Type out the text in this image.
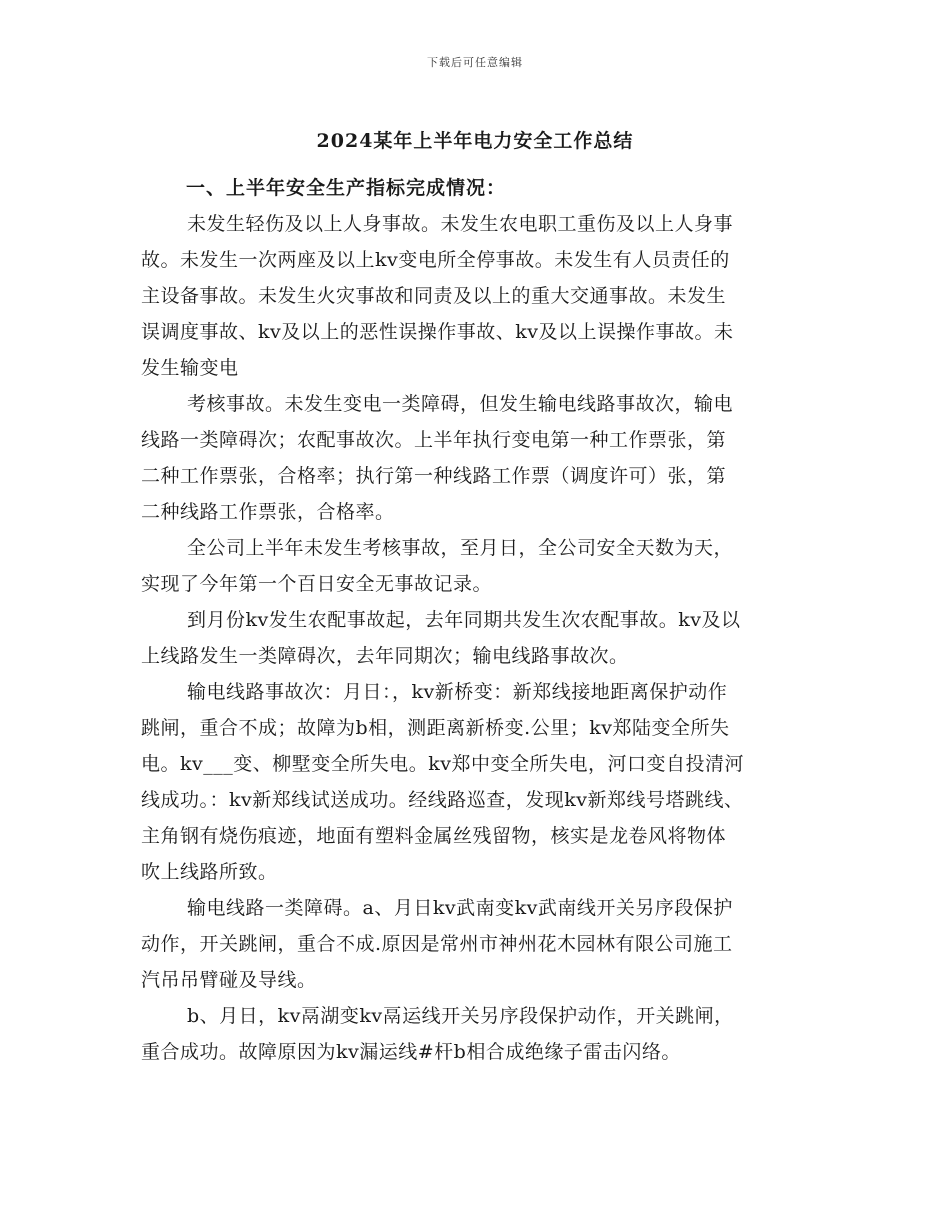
下载后可任意编辑
2024某年上半年电力安全工作总结
一、上半年安全生产指标完成情况：
未发生轻伤及以上人身事故。未发生农电职工重伤及以上人身事
故。未发生一次两座及以上kv变电所全停事故。未发生有人员责任的
主设备事故。未发生火灾事故和同责及以上的重大交通事故。未发生
误调度事故、kv及以上的恶性误操作事故、kv及以上误操作事故。未
发生输变电
考核事故。未发生变电一类障碍，但发生输电线路事故次，输电
线路一类障碍次；农配事故次。上半年执行变电第一种工作票张，第
二种工作票张，合格率；执行第一种线路工作票（调度许可）张，第
二种线路工作票张，合格率。
全公司上半年未发生考核事故，至月日，全公司安全天数为天，
实现了今年第一个百日安全无事故记录。
到月份kv发生农配事故起，去年同期共发生次农配事故。kv及以
上线路发生一类障碍次，去年同期次；输电线路事故次。
输电线路事故次：月日：，kv新桥变：新郑线接地距离保护动作
跳闸，重合不成；故障为b相，测距离新桥变.公里；kv郑陆变全所失
电。kv___变、柳墅变全所失电。kv郑中变全所失电，河口变自投清河
线成功。：kv新郑线试送成功。经线路巡查，发现kv新郑线号塔跳线、
主角钢有烧伤痕迹，地面有塑料金属丝残留物，核实是龙卷风将物体
吹上线路所致。
输电线路一类障碍。a、月日kv武南变kv武南线开关另序段保护
动作，开关跳闸，重合不成.原因是常州市神州花木园林有限公司施工
汽吊吊臂碰及导线。
b、月日，kv鬲湖变kv鬲运线开关另序段保护动作，开关跳闸，
重合成功。故障原因为kv漏运线#杆b相合成绝缘子雷击闪络。
